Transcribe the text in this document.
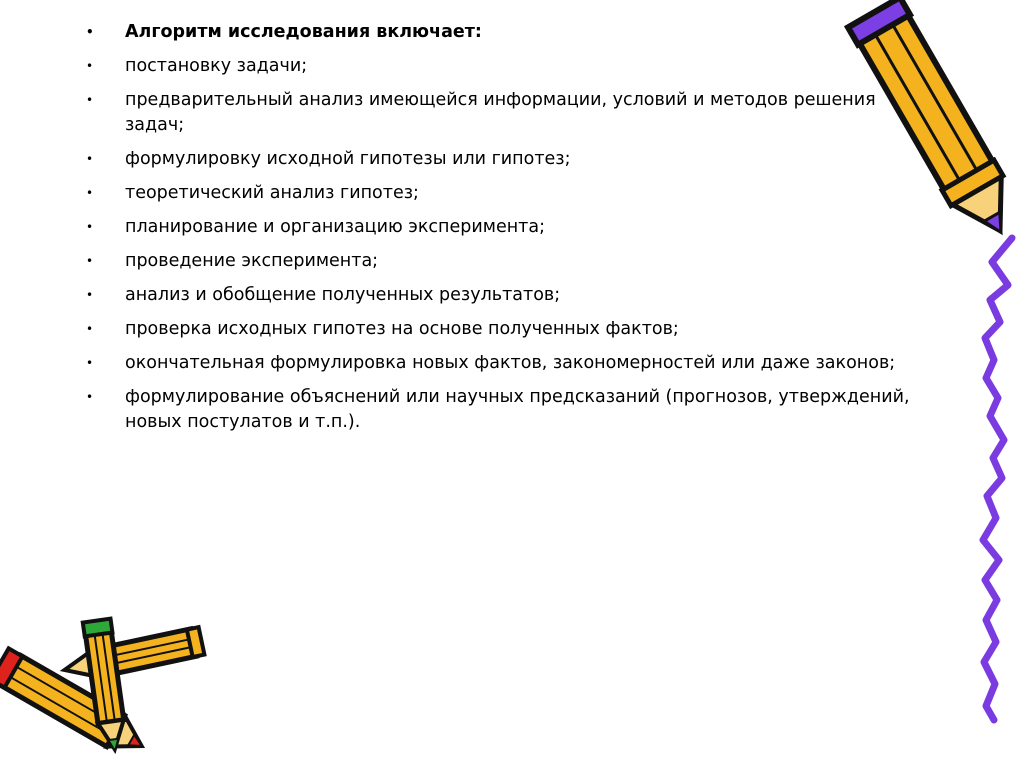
• Алгоритм исследования включает:
• постановку задачи;
• предварительный анализ имеющейся информации, условий и методов решения задач;
• формулировку исходной гипотезы или гипотез;
• теоретический анализ гипотез;
• планирование и организацию эксперимента;
• проведение эксперимента;
• анализ и обобщение полученных результатов;
• проверка исходных гипотез на основе полученных фактов;
• окончательная формулировка новых фактов, закономерностей или даже законов;
• формулирование объяснений или научных предсказаний (прогнозов, утверждений, новых постулатов и т.п.).
